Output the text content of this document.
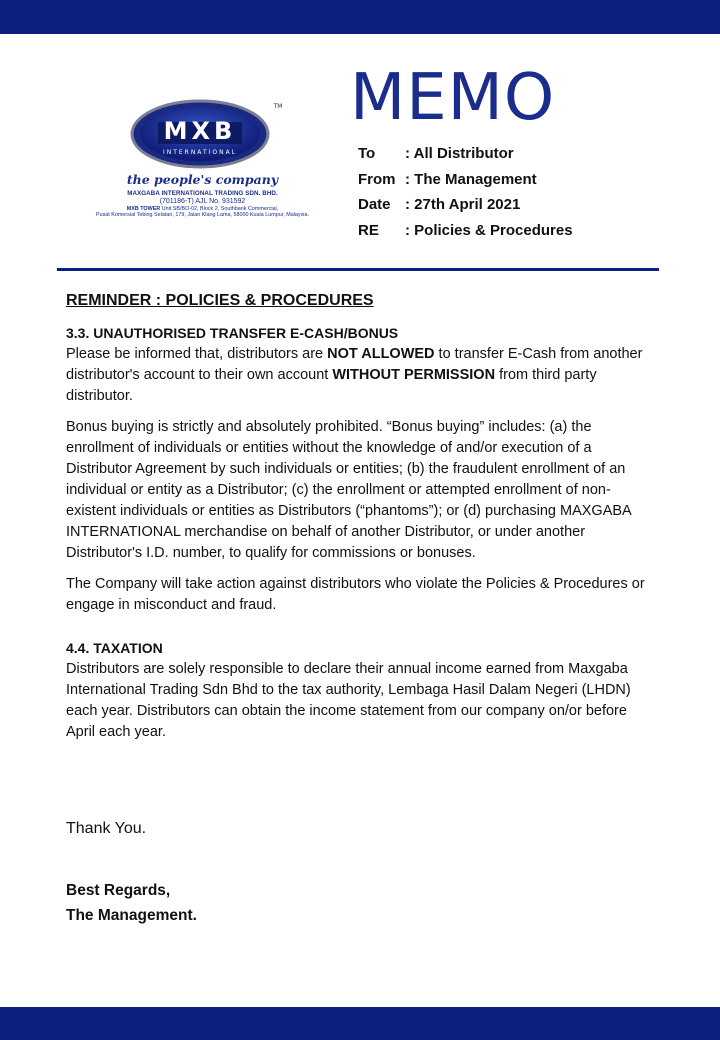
MXB
INTERNATIONAL
TM
the people's company
MAXGABA INTERNATIONAL TRADING SDN. BHD.
(701186-T) AJL No. 931592
MXB TOWER Unit SB/BO-02, Block 2, Southbank Commercial,
Pusat Komersial Tebing Selatan, 179, Jalan Klang Lama, 58000 Kuala Lumpur, Malaysia.
MEMO
To	: All Distributor
From : The Management
Date : 27th April 2021
RE	: Policies & Procedures
REMINDER : POLICIES & PROCEDURES
3.3. UNAUTHORISED TRANSFER E-CASH/BONUS

Please be informed that, distributors are NOT ALLOWED to transfer E-Cash from another distributor's account to their own account WITHOUT PERMISSION from third party distributor.

Bonus buying is strictly and absolutely prohibited. “Bonus buying” includes: (a) the enrollment of individuals or entities without the knowledge of and/or execution of a Distributor Agreement by such individuals or entities; (b) the fraudulent enrollment of an individual or entity as a Distributor; (c) the enrollment or attempted enrollment of non-existent individuals or entities as Distributors (“phantoms”); or (d) purchasing MAXGABA INTERNATIONAL merchandise on behalf of another Distributor, or under another Distributor's I.D. number, to qualify for commissions or bonuses.

The Company will take action against distributors who violate the Policies & Procedures or engage in misconduct and fraud.

4.4. TAXATION

Distributors are solely responsible to declare their annual income earned from Maxgaba International Trading Sdn Bhd to the tax authority, Lembaga Hasil Dalam Negeri (LHDN) each year. Distributors can obtain the income statement from our company on/or before April each year.

Thank You.
Best Regards,
The Management.
